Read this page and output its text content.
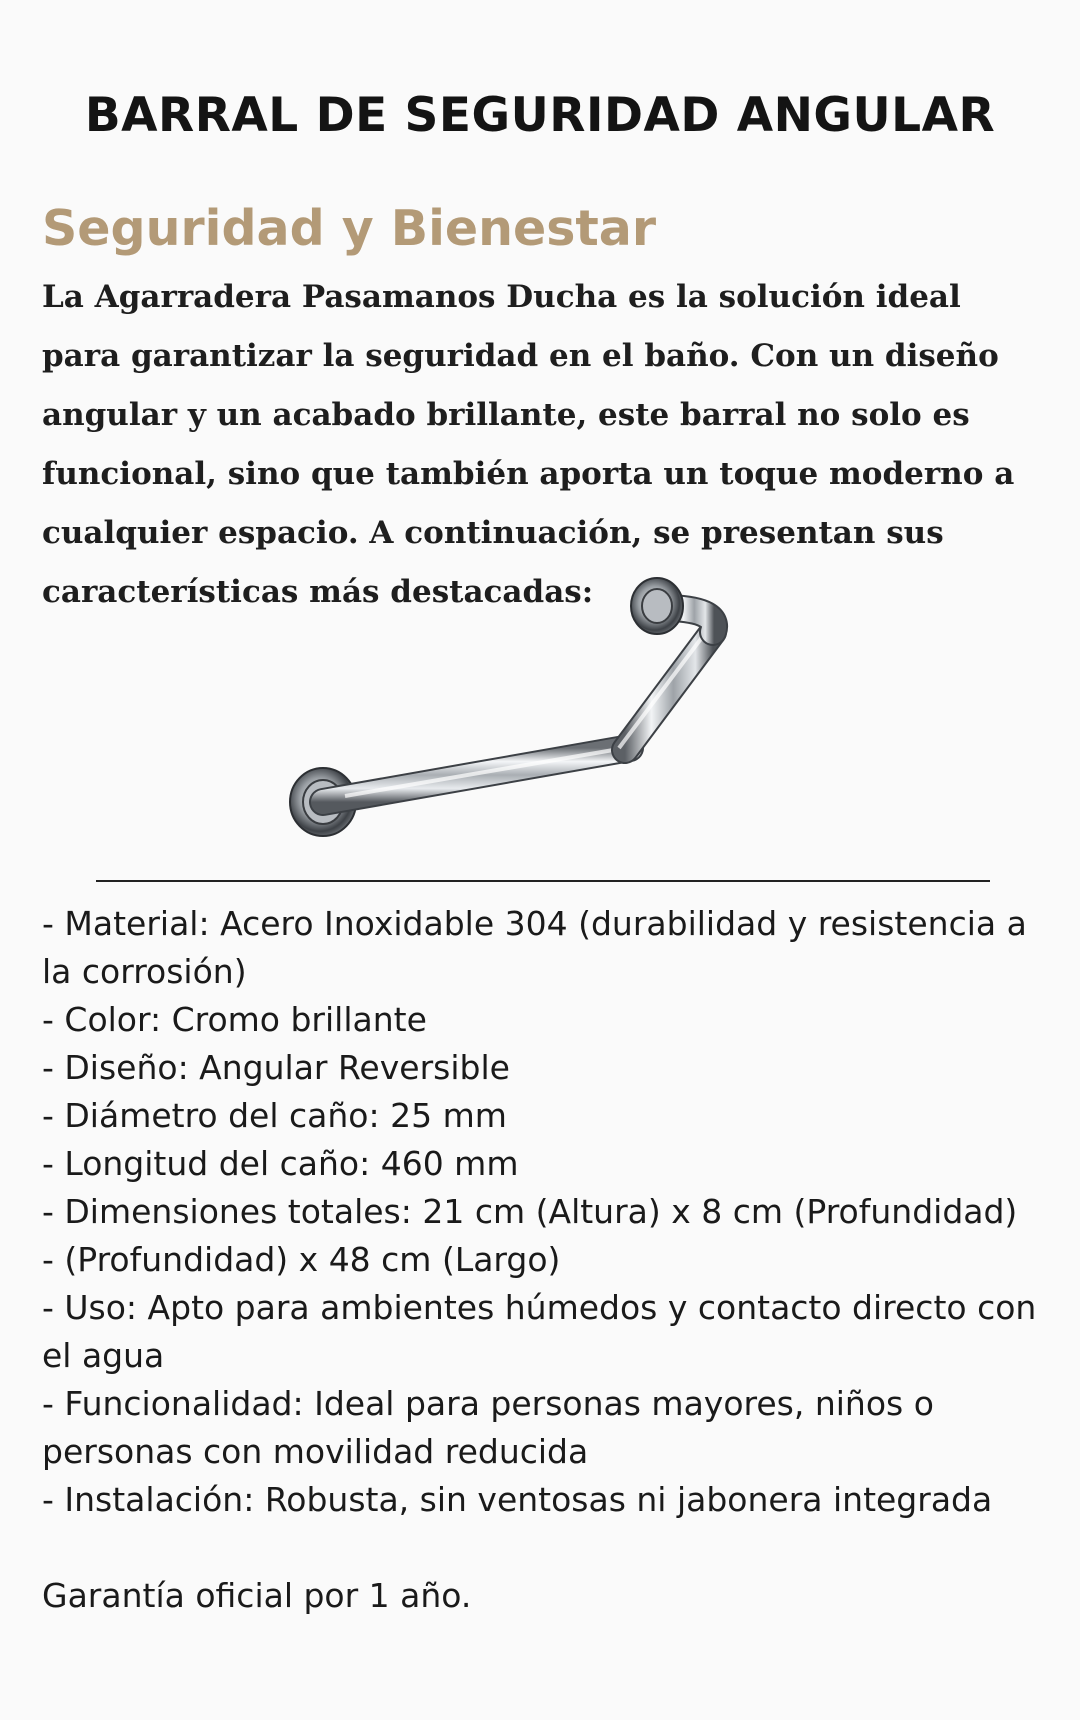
BARRAL DE SEGURIDAD ANGULAR
Seguridad y Bienestar
La Agarradera Pasamanos Ducha es la solución ideal para garantizar la seguridad en el baño. Con un diseño angular y un acabado brillante, este barral no solo es funcional, sino que también aporta un toque moderno a cualquier espacio. A continuación, se presentan sus características más destacadas:

- Material: Acero Inoxidable 304 (durabilidad y resistencia a la corrosión)

- Color: Cromo brillante

- Diseño: Angular Reversible

- Diámetro del caño: 25 mm

- Longitud del caño: 460 mm

- Dimensiones totales: 21 cm (Altura) x 8 cm (Profundidad)

- (Profundidad) x 48 cm (Largo)

- Uso: Apto para ambientes húmedos y contacto directo con el agua

- Funcionalidad: Ideal para personas mayores, niños o personas con movilidad reducida

- Instalación: Robusta, sin ventosas ni jabonera integrada

Garantía oficial por 1 año.
